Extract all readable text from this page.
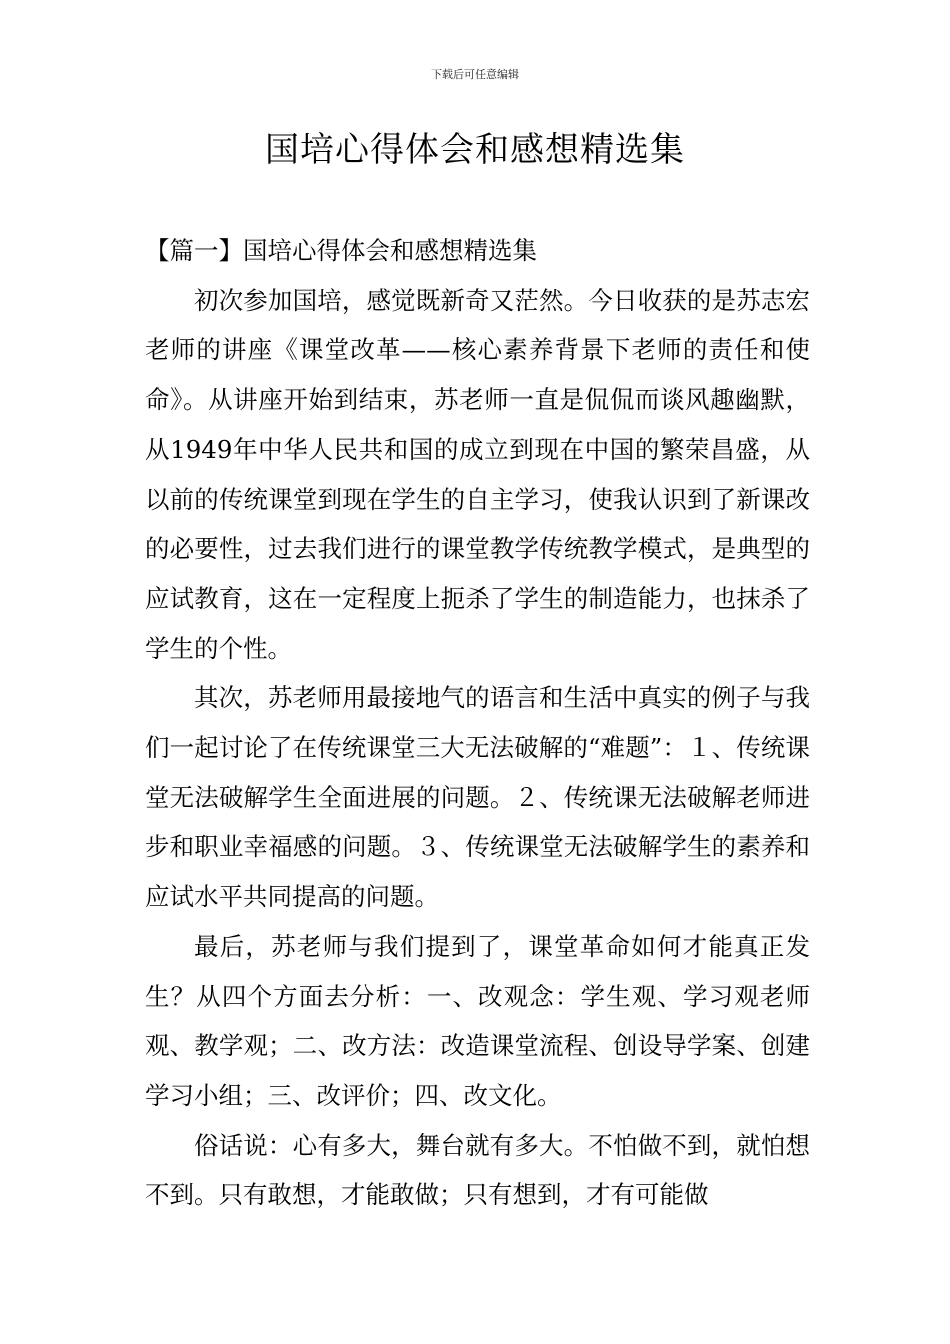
下载后可任意编辑
国培心得体会和感想精选集

【篇一】国培心得体会和感想精选集

初次参加国培，感觉既新奇又茫然。今日收获的是苏志宏老师的讲座《课堂改革——核心素养背景下老师的责任和使命》。从讲座开始到结束，苏老师一直是侃侃而谈风趣幽默，从1949年中华人民共和国的成立到现在中国的繁荣昌盛，从以前的传统课堂到现在学生的自主学习，使我认识到了新课改的必要性，过去我们进行的课堂教学传统教学模式，是典型的应试教育，这在一定程度上扼杀了学生的制造能力，也抹杀了学生的个性。

其次，苏老师用最接地气的语言和生活中真实的例子与我们一起讨论了在传统课堂三大无法破解的“难题”：１、传统课堂无法破解学生全面进展的问题。２、传统课无法破解老师进步和职业幸福感的问题。３、传统课堂无法破解学生的素养和应试水平共同提高的问题。

最后，苏老师与我们提到了，课堂革命如何才能真正发生？从四个方面去分析：一、改观念：学生观、学习观老师观、教学观；二、改方法：改造课堂流程、创设导学案、创建学习小组；三、改评价；四、改文化。

俗话说：心有多大，舞台就有多大。不怕做不到，就怕想不到。只有敢想，才能敢做；只有想到，才有可能做
